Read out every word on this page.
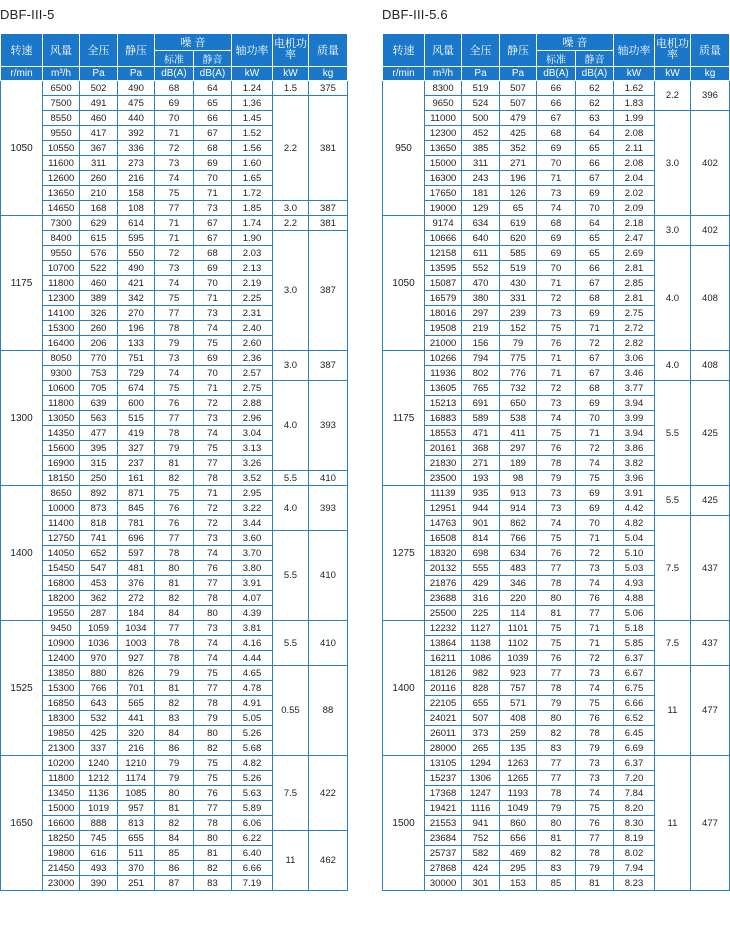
DBF-III-5
转速	风量	全压	静压	噪 音		轴功率	电机功率	质量
				标准	静音			
r/min	m³/h	Pa	Pa	dB(A)	dB(A)	kW	kW	kg
1050	6500	502	490	68	64	1.24	1.5	375
	7500	491	475	69	65	1.36	2.2	381
	8550	460	440	70	66	1.45		
	9550	417	392	71	67	1.52		
	10550	367	336	72	68	1.56		
	11600	311	273	73	69	1.60		
	12600	260	216	74	70	1.65		
	13650	210	158	75	71	1.72		
	14650	168	108	77	73	1.85	3.0	387
1175	7300	629	614	71	67	1.74	2.2	381
	8400	615	595	71	67	1.90	3.0	387
	9550	576	550	72	68	2.03		
	10700	522	490	73	69	2.13		
	11800	460	421	74	70	2.19		
	12300	389	342	75	71	2.25		
	14100	326	270	77	73	2.31		
	15300	260	196	78	74	2.40		
	16400	206	133	79	75	2.60		
1300	8050	770	751	73	69	2.36	3.0	387
	9300	753	729	74	70	2.57		
	10600	705	674	75	71	2.75	4.0	393
	11800	639	600	76	72	2.88		
	13050	563	515	77	73	2.96		
	14350	477	419	78	74	3.04		
	15600	395	327	79	75	3.13		
	16900	315	237	81	77	3.26		
	18150	250	161	82	78	3.52	5.5	410
1400	8650	892	871	75	71	2.95	4.0	393
	10000	873	845	76	72	3.22		
	11400	818	781	76	72	3.44		
	12750	741	696	77	73	3.60	5.5	410
	14050	652	597	78	74	3.70		
	15450	547	481	80	76	3.80		
	16800	453	376	81	77	3.91		
	18200	362	272	82	78	4.07		
	19550	287	184	84	80	4.39		
1525	9450	1059	1034	77	73	3.81	5.5	410
	10900	1036	1003	78	74	4.16		
	12400	970	927	78	74	4.44		
	13850	880	826	79	75	4.65	0.55	88
	15300	766	701	81	77	4.78		
	16850	643	565	82	78	4.91		
	18300	532	441	83	79	5.05		
	19850	425	320	84	80	5.26		
	21300	337	216	86	82	5.68		
1650	10200	1240	1210	79	75	4.82	7.5	422
	11800	1212	1174	79	75	5.26		
	13450	1136	1085	80	76	5.63		
	15000	1019	957	81	77	5.89		
	16600	888	813	82	78	6.06		
	18250	745	655	84	80	6.22	11	462
	19800	616	511	85	81	6.40		
	21450	493	370	86	82	6.66		
	23000	390	251	87	83	7.19		
DBF-III-5.6
转速	风量	全压	静压	噪 音		轴功率	电机功率	质量
				标准	静音			
r/min	m³/h	Pa	Pa	dB(A)	dB(A)	kW	kW	kg
950	8300	519	507	66	62	1.62	2.2	396
	9650	524	507	66	62	1.83		
	11000	500	479	67	63	1.99	3.0	402
	12300	452	425	68	64	2.08		
	13650	385	352	69	65	2.11		
	15000	311	271	70	66	2.08		
	16300	243	196	71	67	2.04		
	17650	181	126	73	69	2.02		
	19000	129	65	74	70	2.09		
1050	9174	634	619	68	64	2.18	3.0	402
	10666	640	620	69	65	2.47		
	12158	611	585	69	65	2.69	4.0	408
	13595	552	519	70	66	2.81		
	15087	470	430	71	67	2.85		
	16579	380	331	72	68	2.81		
	18016	297	239	73	69	2.75		
	19508	219	152	75	71	2.72		
	21000	156	79	76	72	2.82		
1175	10266	794	775	71	67	3.06	4.0	408
	11936	802	776	71	67	3.46		
	13605	765	732	72	68	3.77	5.5	425
	15213	691	650	73	69	3.94		
	16883	589	538	74	70	3.99		
	18553	471	411	75	71	3.94		
	20161	368	297	76	72	3.86		
	21830	271	189	78	74	3.82		
	23500	193	98	79	75	3.96		
1275	11139	935	913	73	69	3.91	5.5	425
	12951	944	914	73	69	4.42		
	14763	901	862	74	70	4.82	7.5	437
	16508	814	766	75	71	5.04		
	18320	698	634	76	72	5.10		
	20132	555	483	77	73	5.03		
	21876	429	346	78	74	4.93		
	23688	316	220	80	76	4.88		
	25500	225	114	81	77	5.06		
1400	12232	1127	1101	75	71	5.18	7.5	437
	13864	1138	1102	75	71	5.85		
	16211	1086	1039	76	72	6.37		
	18126	982	923	77	73	6.67	11	477
	20116	828	757	78	74	6.75		
	22105	655	571	79	75	6.66		
	24021	507	408	80	76	6.52		
	26011	373	259	82	78	6.45		
	28000	265	135	83	79	6.69		
1500	13105	1294	1263	77	73	6.37	11	477
	15237	1306	1265	77	73	7.20		
	17368	1247	1193	78	74	7.84		
	19421	1116	1049	79	75	8.20		
	21553	941	860	80	76	8.30		
	23684	752	656	81	77	8.19		
	25737	582	469	82	78	8.02		
	27868	424	295	83	79	7.94		
	30000	301	153	85	81	8.23		
